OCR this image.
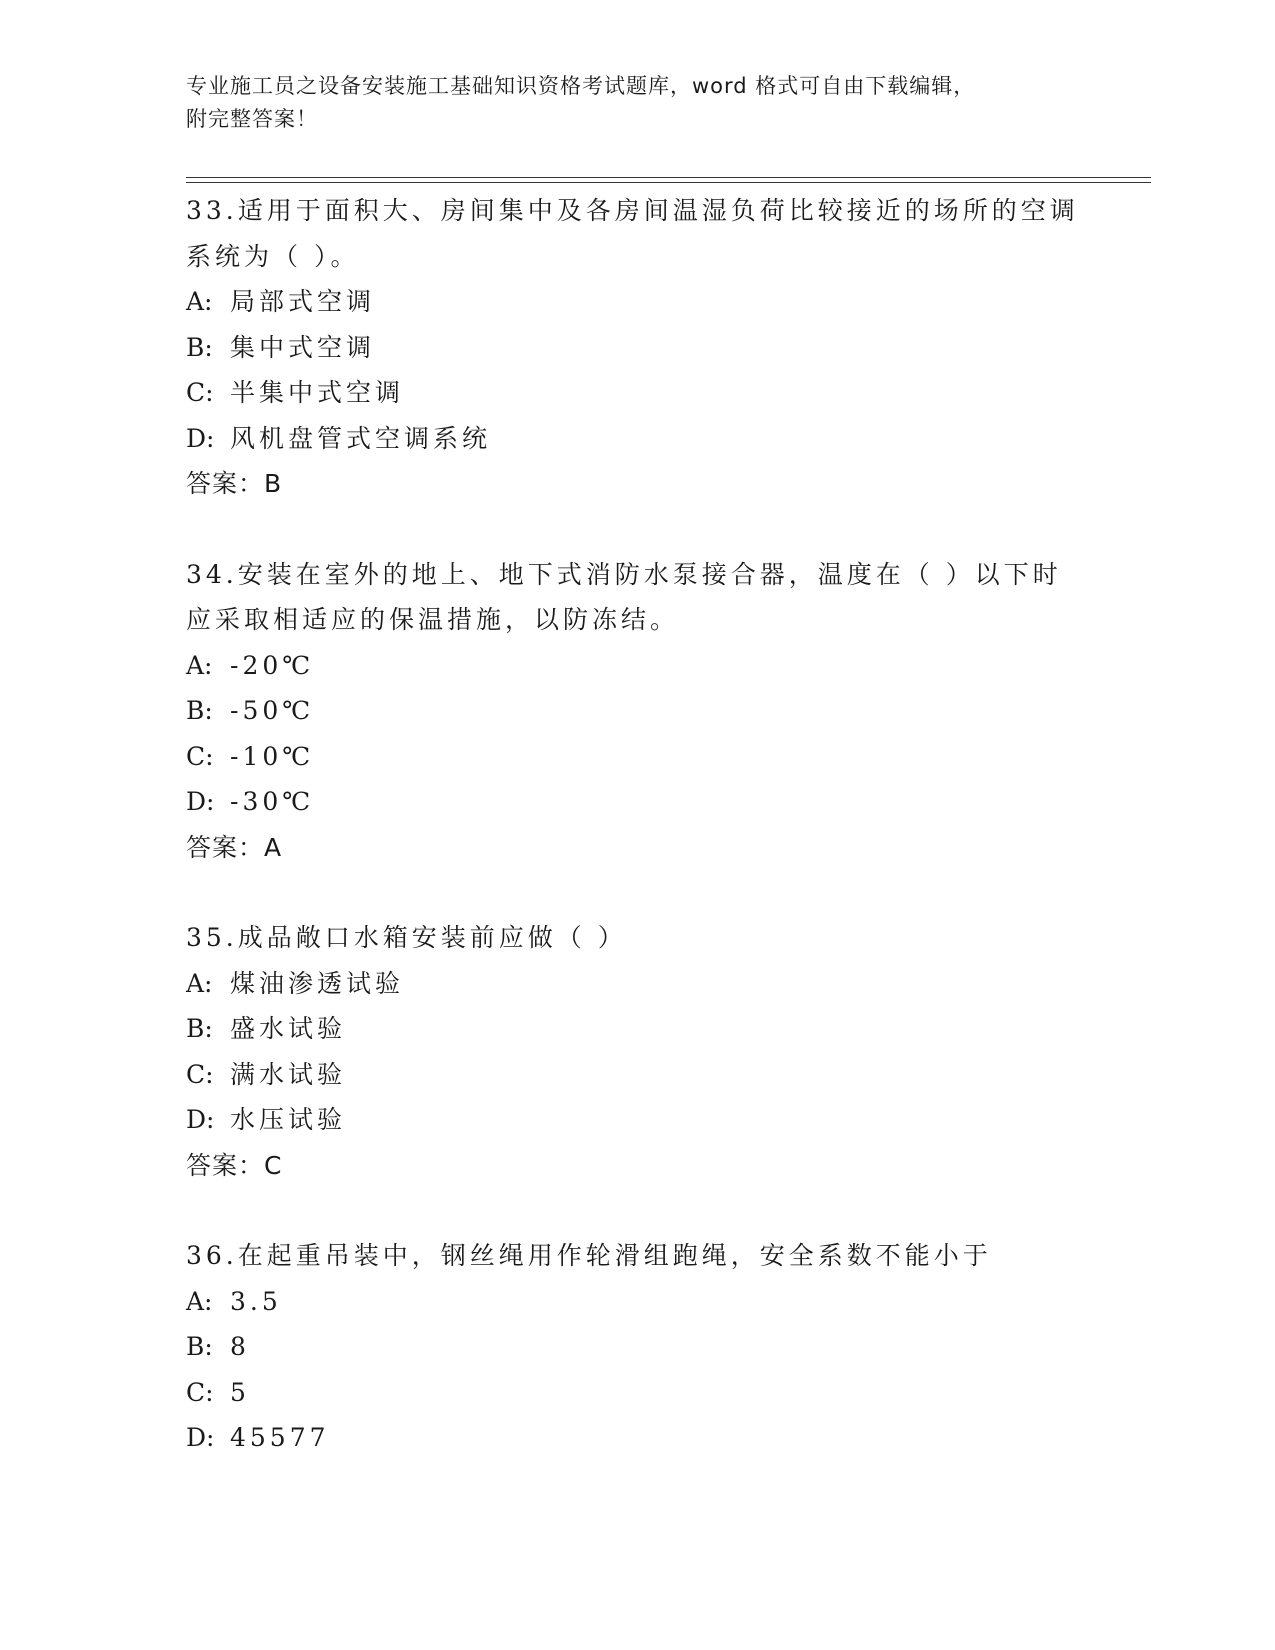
专业施工员之设备安装施工基础知识资格考试题库，word 格式可自由下载编辑，
附完整答案！
33.适用于面积大、房间集中及各房间温湿负荷比较接近的场所的空调
系统为（ ）。
A: 局部式空调
B: 集中式空调
C: 半集中式空调
D: 风机盘管式空调系统
答案：B
34.安装在室外的地上、地下式消防水泵接合器，温度在（ ）以下时
应采取相适应的保温措施，以防冻结。
A: -20℃
B: -50℃
C: -10℃
D: -30℃
答案：A
35.成品敞口水箱安装前应做（ ）
A: 煤油渗透试验
B: 盛水试验
C: 满水试验
D: 水压试验
答案：C
36.在起重吊装中，钢丝绳用作轮滑组跑绳，安全系数不能小于
A: 3.5
B: 8
C: 5
D: 45577
